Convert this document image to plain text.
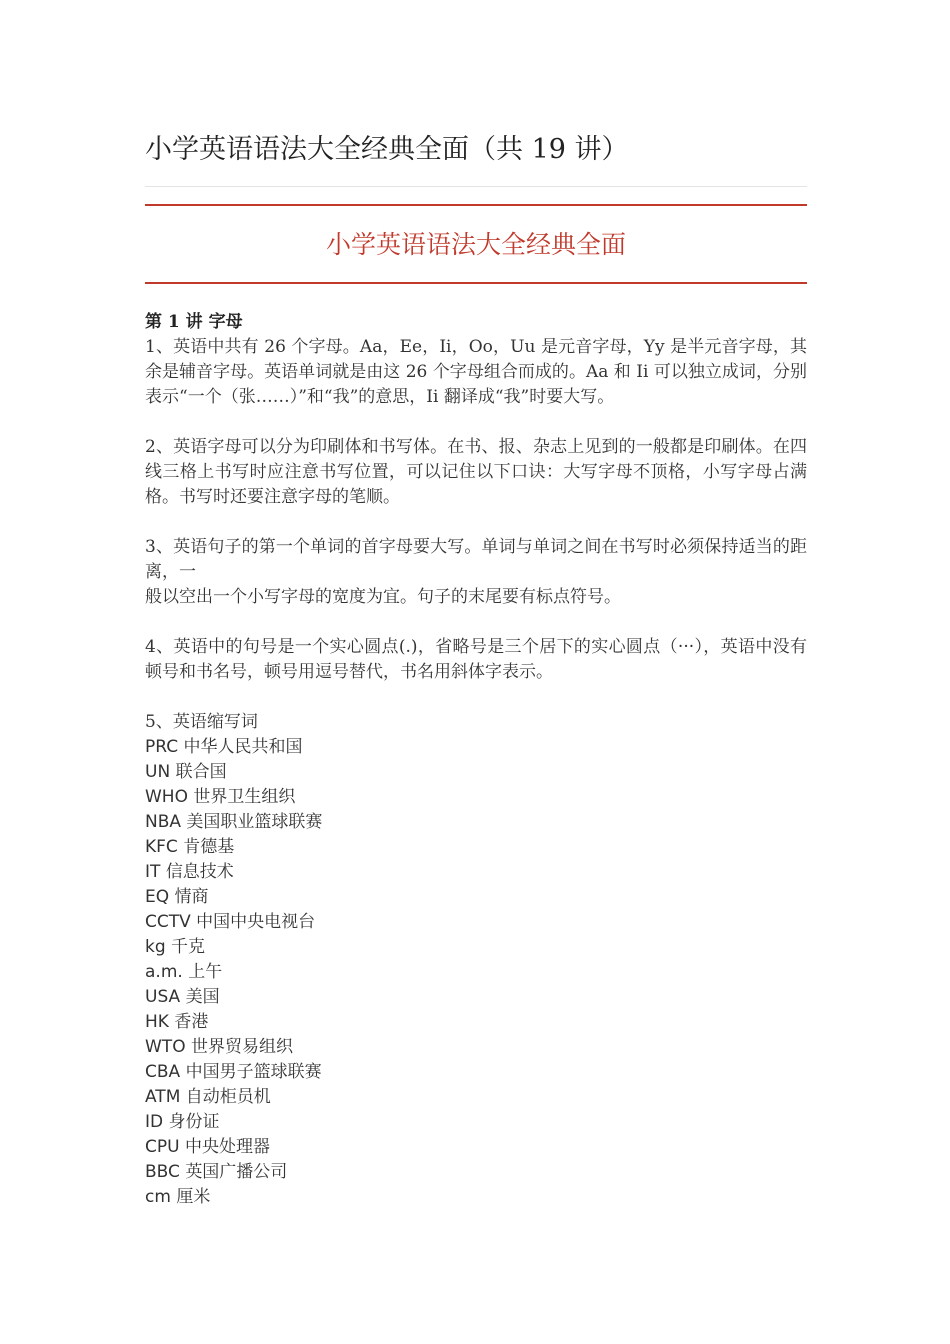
小学英语语法大全经典全面（共 19 讲）
小学英语语法大全经典全面

第 1 讲 字母

1、英语中共有 26 个字母。Aa，Ee，Ii，Oo，Uu 是元音字母，Yy 是半元音字母，其余是辅音字母。英语单词就是由这 26 个字母组合而成的。Aa 和 Ii 可以独立成词，分别表示“一个（张……）”和“我”的意思，Ii 翻译成“我”时要大写。

2、英语字母可以分为印刷体和书写体。在书、报、杂志上见到的一般都是印刷体。在四线三格上书写时应注意书写位置，可以记住以下口诀：大写字母不顶格，小写字母占满格。书写时还要注意字母的笔顺。

3、英语句子的第一个单词的首字母要大写。单词与单词之间在书写时必须保持适当的距离，一
般以空出一个小写字母的宽度为宜。句子的末尾要有标点符号。

4、英语中的句号是一个实心圆点(.)，省略号是三个居下的实心圆点（···），英语中没有顿号和书名号，顿号用逗号替代，书名用斜体字表示。

5、英语缩写词

PRC 中华人民共和国
UN 联合国
WHO 世界卫生组织
NBA 美国职业篮球联赛
KFC 肯德基
IT 信息技术
EQ 情商
CCTV 中国中央电视台
kg 千克
a.m. 上午
USA 美国
HK 香港
WTO 世界贸易组织
CBA 中国男子篮球联赛
ATM 自动柜员机
ID 身份证
CPU 中央处理器
BBC 英国广播公司
cm 厘米
